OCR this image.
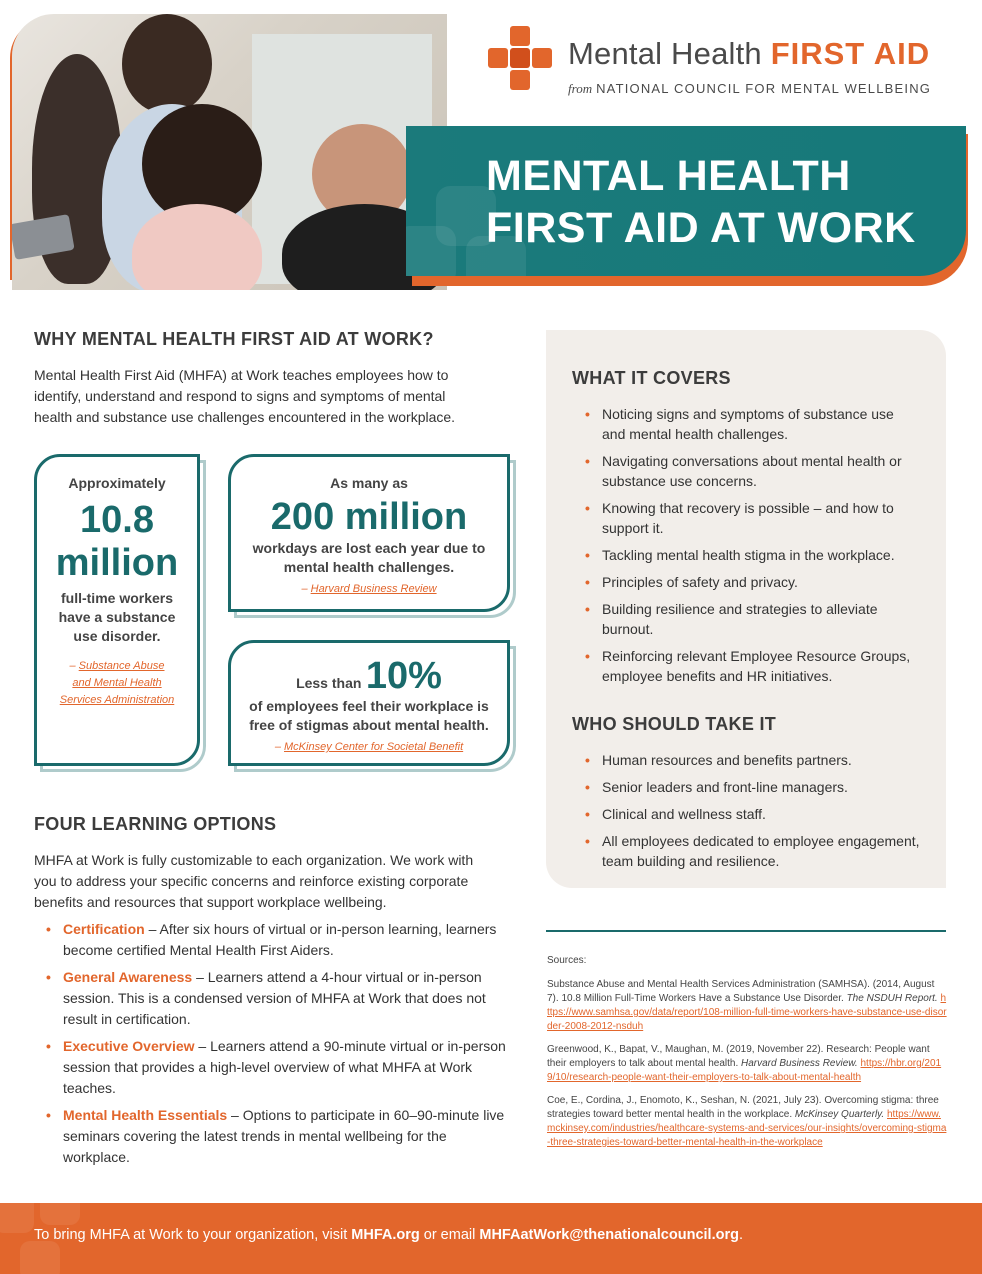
Mental Health FIRST AID
from NATIONAL COUNCIL FOR MENTAL WELLBEING
MENTAL HEALTH
FIRST AID AT WORK
WHY MENTAL HEALTH FIRST AID AT WORK?
Mental Health First Aid (MHFA) at Work teaches employees how to
identify, understand and respond to signs and symptoms of mental
health and substance use challenges encountered in the workplace.
Approximately
10.8
million
full-time workers
have a substance
use disorder.
– Substance Abuse
and Mental Health
Services Administration
As many as
200 million
workdays are lost each year due to
mental health challenges.
– Harvard Business Review
Less than 10%
of employees feel their workplace is
free of stigmas about mental health.
– McKinsey Center for Societal Benefit
FOUR LEARNING OPTIONS
MHFA at Work is fully customizable to each organization. We work with
you to address your specific concerns and reinforce existing corporate
benefits and resources that support workplace wellbeing.
• Certification – After six hours of virtual or in-person learning, learners become certified Mental Health First Aiders.
• General Awareness – Learners attend a 4-hour virtual or in-person session. This is a condensed version of MHFA at Work that does not result in certification.
• Executive Overview – Learners attend a 90-minute virtual or in-person session that provides a high-level overview of what MHFA at Work teaches.
• Mental Health Essentials – Options to participate in 60–90-minute live seminars covering the latest trends in mental wellbeing for the workplace.
WHAT IT COVERS
• Noticing signs and symptoms of substance use and mental health challenges.
• Navigating conversations about mental health or substance use concerns.
• Knowing that recovery is possible – and how to support it.
• Tackling mental health stigma in the workplace.
• Principles of safety and privacy.
• Building resilience and strategies to alleviate burnout.
• Reinforcing relevant Employee Resource Groups, employee benefits and HR initiatives.
WHO SHOULD TAKE IT
• Human resources and benefits partners.
• Senior leaders and front-line managers.
• Clinical and wellness staff.
• All employees dedicated to employee engagement, team building and resilience.
Sources:
Substance Abuse and Mental Health Services Administration (SAMHSA). (2014, August 7). 10.8 Million Full-Time Workers Have a Substance Use Disorder. The NSDUH Report. https://www.samhsa.gov/data/report/108-million-full-time-workers-have-substance-use-disorder-2008-2012-nsduh
Greenwood, K., Bapat, V., Maughan, M. (2019, November 22). Research: People want their employers to talk about mental health. Harvard Business Review. https://hbr.org/2019/10/research-people-want-their-employers-to-talk-about-mental-health
Coe, E., Cordina, J., Enomoto, K., Seshan, N. (2021, July 23). Overcoming stigma: three strategies toward better mental health in the workplace. McKinsey Quarterly. https://www.mckinsey.com/industries/healthcare-systems-and-services/our-insights/overcoming-stigma-three-strategies-toward-better-mental-health-in-the-workplace
To bring MHFA at Work to your organization, visit MHFA.org or email MHFAatWork@thenationalcouncil.org.
